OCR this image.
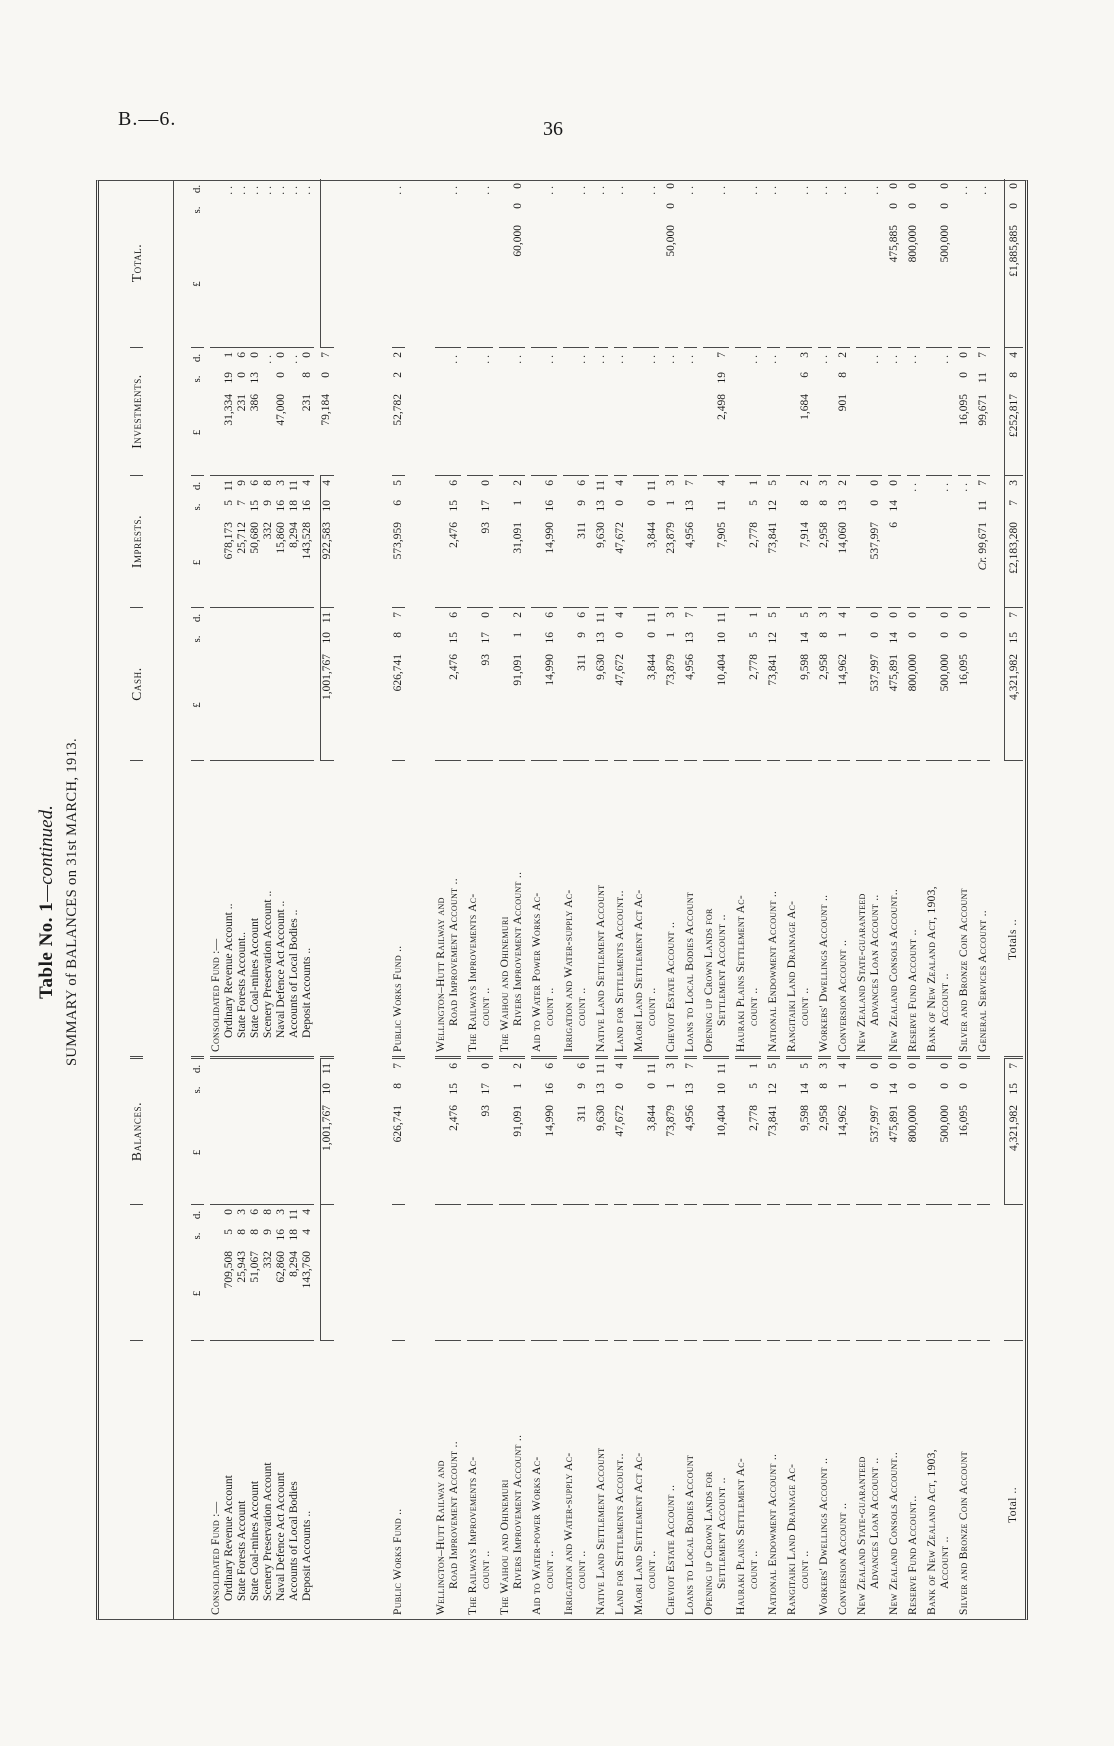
B.—6.	36
Table No. 1—continued. SUMMARY of BALANCES on 31st MARCH, 1913.
Balances.
Cash.
Imprests.
Investments.
Total.
£
s.
d.
£
s.
d.
£
s.
d.
£
s.
d.
£
s.
d.
£
s.
d.
Consolidated Fund :—
Consolidated Fund :—
Ordinary Revenue Account
709,508
5
0
Ordinary Revenue Account ..
678,173
5
11
31,334
19
1
..
State Forests Account
25,943
8
3
State Forests Account..
25,712
7
9
231
0
6
..
State Coal-mines Account
51,067
8
6
State Coal-mines Account
50,680
15
6
386
13
0
..
Scenery Preservation Account
332
9
8
Scenery Preservation Account ..
332
9
8
..
..
Naval Defence Act Account
62,860
16
3
Naval Defence Act Account ..
15,860
16
3
47,000
0
0
..
Accounts of Local Bodies
8,294
18
11
Accounts of Local Bodies ..
8,294
18
11
..
..
Deposit Accounts ..
143,760
4
4
Deposit Accounts ..
143,528
16
4
231
8
0
..
1,001,767
10
11
1,001,767
10
11
922,583
10
4
79,184
0
7
Public Works Fund ..
626,741
8
7
Public Works Fund ..
626,741
8
7
573,959
6
5
52,782
2
2
..
Wellington–Hutt Railway and
Wellington–Hutt Railway and
Road Improvement Account ..
2,476
15
6
Road Improvement Account ..
2,476
15
6
2,476
15
6
..
..
The Railways Improvements Ac-
The Railways Improvements Ac-
count ..
93
17
0
count ..
93
17
0
93
17
0
..
..
The Waihou and Ohinemuri
The Waihou and Ohinemuri
Rivers Improvement Account ..
91,091
1
2
Rivers Improvement Account ..
91,091
1
2
31,091
1
2
..
60,000
0
0
Aid to Water-power Works Ac-
Aid to Water Power Works Ac-
count ..
14,990
16
6
count ..
14,990
16
6
14,990
16
6
..
..
Irrigation and Water-supply Ac-
Irrigation and Water-supply Ac-
count ..
311
9
6
count ..
311
9
6
311
9
6
..
..
Native Land Settlement Account
9,630
13
11
Native Land Settlement Account
9,630
13
11
9,630
13
11
..
..
Land for Settlements Account..
47,672
0
4
Land for Settlements Account..
47,672
0
4
47,672
0
4
..
..
Maori Land Settlement Act Ac-
Maori Land Settlement Act Ac-
count ..
3,844
0
11
count ..
3,844
0
11
3,844
0
11
..
..
Cheviot Estate Account ..
73,879
1
3
Cheviot Estate Account ..
73,879
1
3
23,879
1
3
..
50,000
0
0
Loans to Local Bodies Account
4,956
13
7
Loans to Local Bodies Account
4,956
13
7
4,956
13
7
..
..
Opening up Crown Lands for
Opening up Crown Lands for
Settlement Account ..
10,404
10
11
Settlement Account ..
10,404
10
11
7,905
11
4
2,498
19
7
..
Hauraki Plains Settlement Ac-
Hauraki Plains Settlement Ac-
count ..
2,778
5
1
count ..
2,778
5
1
2,778
5
1
..
..
National Endowment Account ..
73,841
12
5
National Endowment Account ..
73,841
12
5
73,841
12
5
..
..
Rangitaiki Land Drainage Ac-
Rangitaiki Land Drainage Ac-
count ..
9,598
14
5
count ..
9,598
14
5
7,914
8
2
1,684
6
3
..
Workers' Dwellings Account ..
2,958
8
3
Workers' Dwellings Account ..
2,958
8
3
2,958
8
3
..
..
Conversion Account ..
14,962
1
4
Conversion Account ..
14,962
1
4
14,060
13
2
901
8
2
..
New Zealand State-guaranteed
New Zealand State-guaranteed
Advances Loan Account ..
537,997
0
0
Advances Loan Account ..
537,997
0
0
537,997
0
0
..
..
New Zealand Consols Account..
475,891
14
0
New Zealand Consols Account..
475,891
14
0
6
14
0
..
475,885
0
0
Reserve Fund Account..
800,000
0
0
Reserve Fund Account ..
800,000
0
0
..
..
800,000
0
0
Bank of New Zealand Act, 1903,
Bank of New Zealand Act, 1903,
Account ..
500,000
0
0
Account ..
500,000
0
0
..
..
500,000
0
0
Silver and Bronze Coin Account
16,095
0
0
Silver and Bronze Coin Account
16,095
0
0
..
16,095
0
0
..
General Services Account ..
Cr.99,671
11
7
99,671
11
7
..
Total ..
4,321,982
15
7
Totals ..
4,321,982
15
7
£2,183,280
7
3
£252,817
8
4
£1,885,885
0
0
